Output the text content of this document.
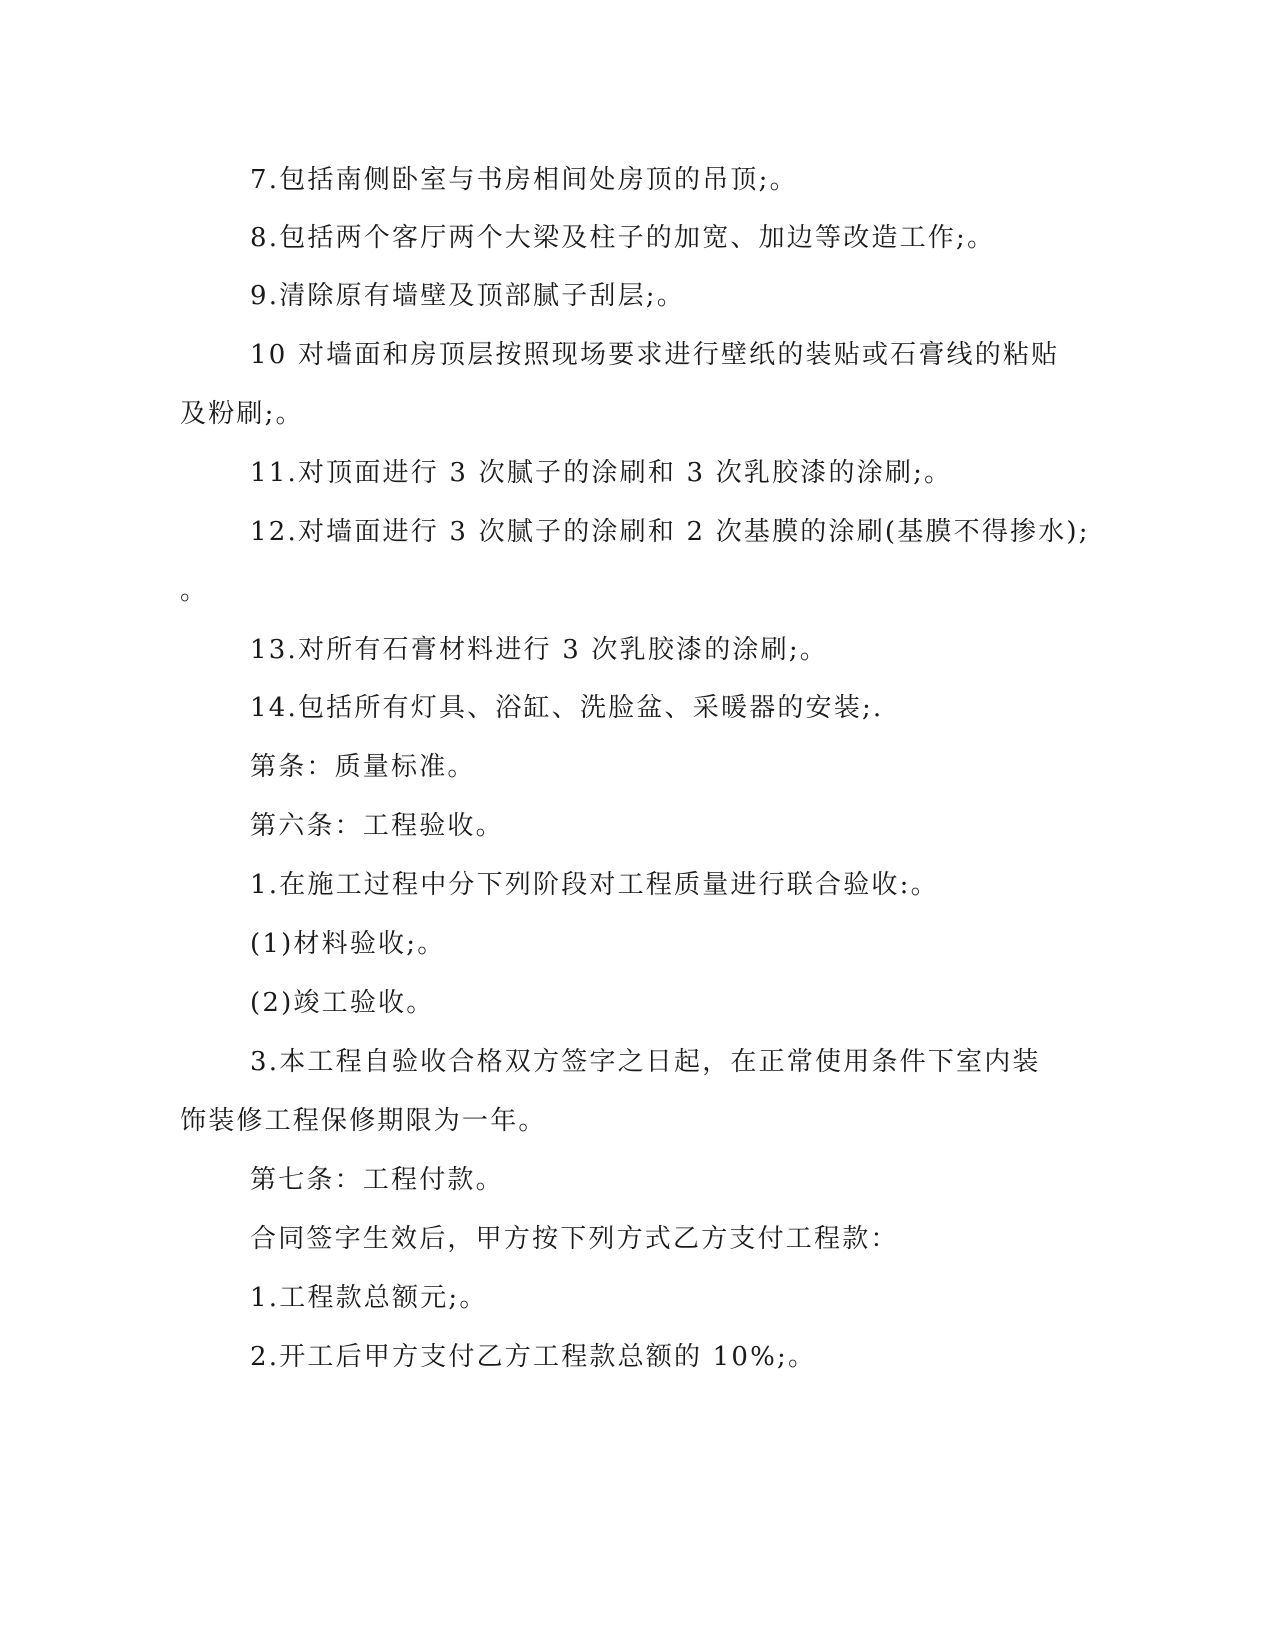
7.包括南侧卧室与书房相间处房顶的吊顶;。
8.包括两个客厅两个大梁及柱子的加宽、加边等改造工作;。
9.清除原有墙壁及顶部腻子刮层;。
10 对墙面和房顶层按照现场要求进行壁纸的装贴或石膏线的粘贴
及粉刷;。
11.对顶面进行 3 次腻子的涂刷和 3 次乳胶漆的涂刷;。
12.对墙面进行 3 次腻子的涂刷和 2 次基膜的涂刷(基膜不得掺水);
。
13.对所有石膏材料进行 3 次乳胶漆的涂刷;。
14.包括所有灯具、浴缸、洗脸盆、采暖器的安装;.
第条：质量标准。
第六条：工程验收。
1.在施工过程中分下列阶段对工程质量进行联合验收:。
(1)材料验收;。
(2)竣工验收。
3.本工程自验收合格双方签字之日起，在正常使用条件下室内装
饰装修工程保修期限为一年。
第七条：工程付款。
合同签字生效后，甲方按下列方式乙方支付工程款：
1.工程款总额元;。
2.开工后甲方支付乙方工程款总额的 10%;。
